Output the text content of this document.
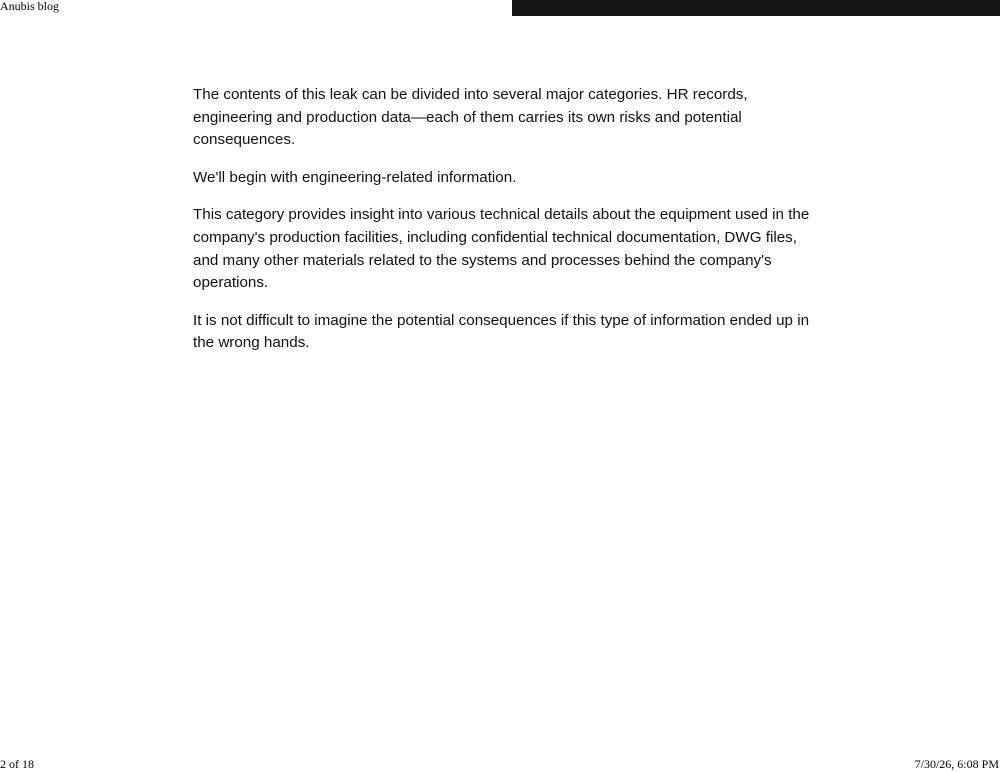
Anubis blog

The contents of this leak can be divided into several major categories. HR records, engineering and production data—each of them carries its own risks and potential consequences.

We'll begin with engineering-related information.

This category provides insight into various technical details about the equipment used in the company's production facilities, including confidential technical documentation, DWG files, and many other materials related to the systems and processes behind the company's operations.

It is not difficult to imagine the potential consequences if this type of information ended up in the wrong hands.

2 of 18	7/30/26, 6:08 PM
